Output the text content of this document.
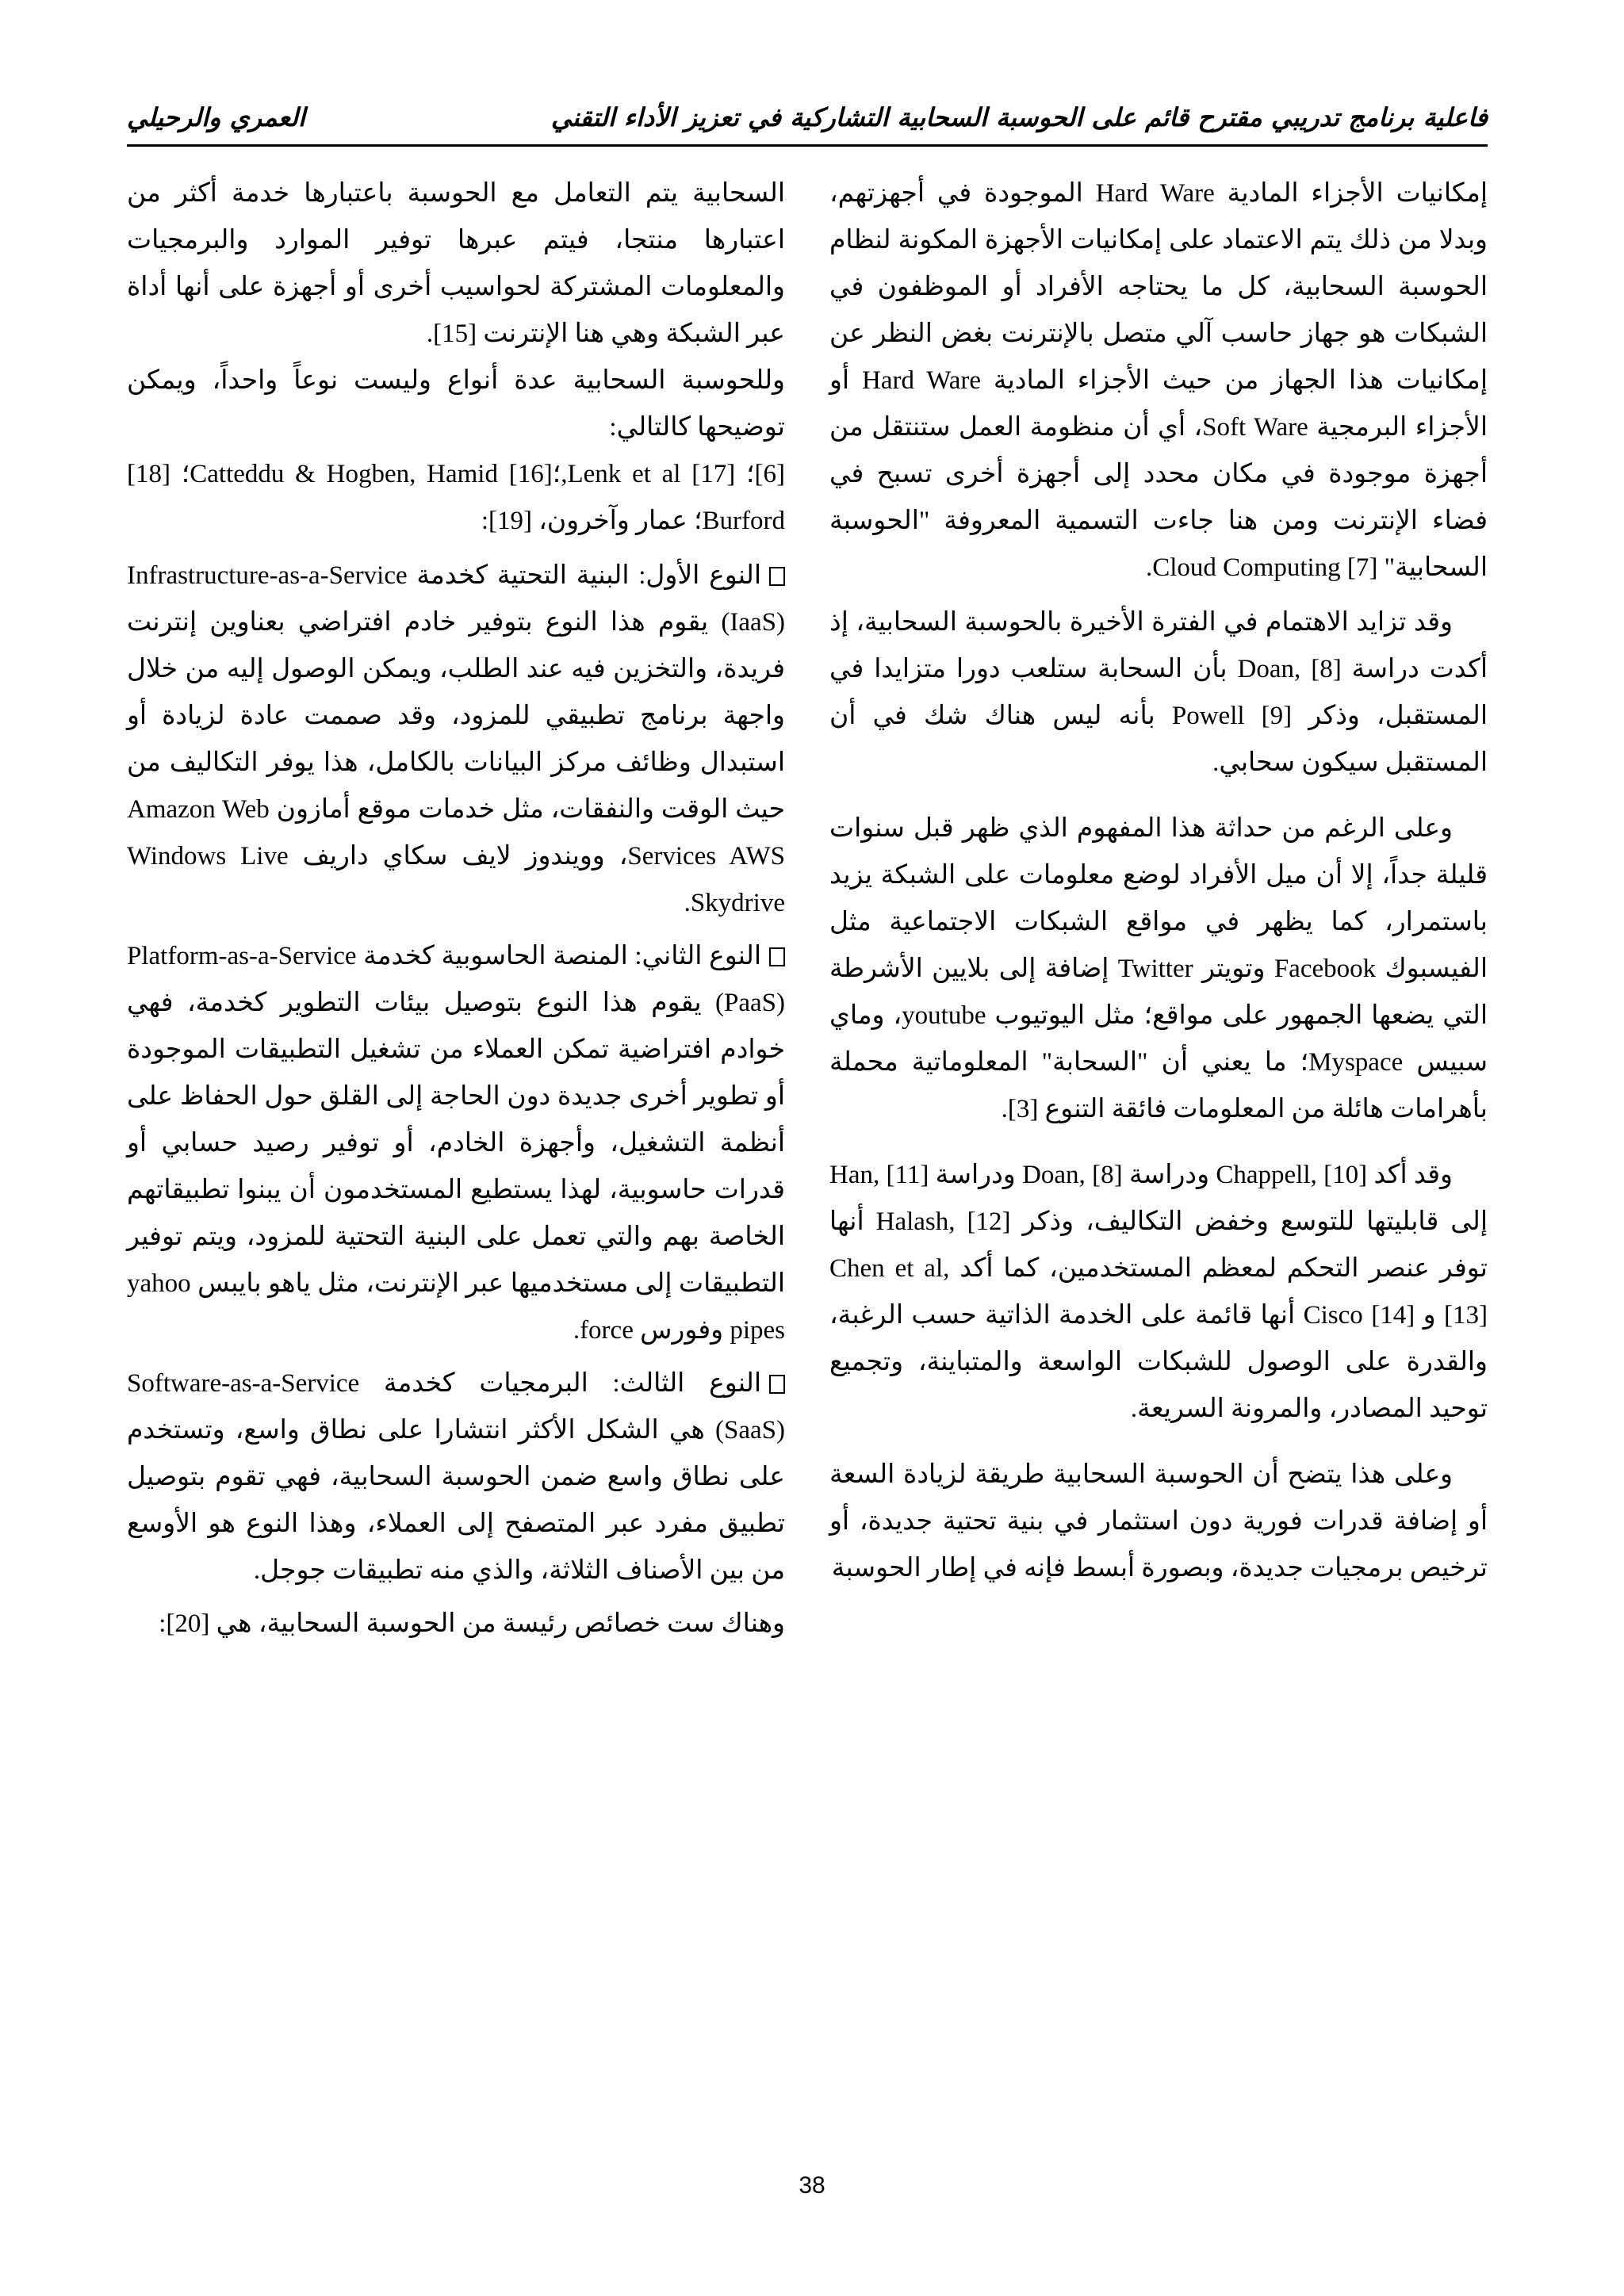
فاعلية برنامج تدريبي مقترح قائم على الحوسبة السحابية التشاركية في تعزيز الأداء التقني
العمري والرحيلي

إمكانيات الأجزاء المادية Hard Ware الموجودة في أجهزتهم، وبدلا من ذلك يتم الاعتماد على إمكانيات الأجهزة المكونة لنظام الحوسبة السحابية، كل ما يحتاجه الأفراد أو الموظفون في الشبكات هو جهاز حاسب آلي متصل بالإنترنت بغض النظر عن إمكانيات هذا الجهاز من حيث الأجزاء المادية Hard Ware أو الأجزاء البرمجية Soft Ware، أي أن منظومة العمل ستنتقل من أجهزة موجودة في مكان محدد إلى أجهزة أخرى تسبح في فضاء الإنترنت ومن هنا جاءت التسمية المعروفة "الحوسبة السحابية" Cloud Computing [7].

وقد تزايد الاهتمام في الفترة الأخيرة بالحوسبة السحابية، إذ أكدت دراسة Doan, [8] بأن السحابة ستلعب دورا متزايدا في المستقبل، وذكر Powell [9] بأنه ليس هناك شك في أن المستقبل سيكون سحابي.

وعلى الرغم من حداثة هذا المفهوم الذي ظهر قبل سنوات قليلة جداً، إلا أن ميل الأفراد لوضع معلومات على الشبكة يزيد باستمرار، كما يظهر في مواقع الشبكات الاجتماعية مثل الفيسبوك Facebook وتويتر Twitter إضافة إلى بلايين الأشرطة التي يضعها الجمهور على مواقع؛ مثل اليوتيوب youtube، وماي سبيس Myspace؛ ما يعني أن "السحابة" المعلوماتية محملة بأهرامات هائلة من المعلومات فائقة التنوع [3].

وقد أكد Chappell, [10] ودراسة Doan, [8] ودراسة Han, [11] إلى قابليتها للتوسع وخفض التكاليف، وذكر Halash, [12] أنها توفر عنصر التحكم لمعظم المستخدمين، كما أكد Chen et al, [13] و Cisco [14] أنها قائمة على الخدمة الذاتية حسب الرغبة، والقدرة على الوصول للشبكات الواسعة والمتباينة، وتجميع توحيد المصادر، والمرونة السريعة.

وعلى هذا يتضح أن الحوسبة السحابية طريقة لزيادة السعة أو إضافة قدرات فورية دون استثمار في بنية تحتية جديدة، أو ترخيص برمجيات جديدة، وبصورة أبسط فإنه في إطار الحوسبة

السحابية يتم التعامل مع الحوسبة باعتبارها خدمة أكثر من اعتبارها منتجا، فيتم عبرها توفير الموارد والبرمجيات والمعلومات المشتركة لحواسيب أخرى أو أجهزة على أنها أداة عبر الشبكة وهي هنا الإنترنت [15].

وللحوسبة السحابية عدة أنواع وليست نوعاً واحداً، ويمكن توضيحها كالتالي:

[6]؛ [17] Lenk et al,؛[16] Catteddu & Hogben, Hamid؛ [18] Burford؛ عمار وآخرون، [19]:

النوع الأول: البنية التحتية كخدمة Infrastructure-as-a-Service (IaaS) يقوم هذا النوع بتوفير خادم افتراضي بعناوين إنترنت فريدة، والتخزين فيه عند الطلب، ويمكن الوصول إليه من خلال واجهة برنامج تطبيقي للمزود، وقد صممت عادة لزيادة أو استبدال وظائف مركز البيانات بالكامل، هذا يوفر التكاليف من حيث الوقت والنفقات، مثل خدمات موقع أمازون Amazon Web Services AWS، وويندوز لايف سكاي داريف Windows Live Skydrive.

النوع الثاني: المنصة الحاسوبية كخدمة Platform-as-a-Service (PaaS) يقوم هذا النوع بتوصيل بيئات التطوير كخدمة، فهي خوادم افتراضية تمكن العملاء من تشغيل التطبيقات الموجودة أو تطوير أخرى جديدة دون الحاجة إلى القلق حول الحفاظ على أنظمة التشغيل، وأجهزة الخادم، أو توفير رصيد حسابي أو قدرات حاسوبية، لهذا يستطيع المستخدمون أن يبنوا تطبيقاتهم الخاصة بهم والتي تعمل على البنية التحتية للمزود، ويتم توفير التطبيقات إلى مستخدميها عبر الإنترنت، مثل ياهو بايبس yahoo pipes وفورس force.

النوع الثالث: البرمجيات كخدمة Software-as-a-Service (SaaS) هي الشكل الأكثر انتشارا على نطاق واسع، وتستخدم على نطاق واسع ضمن الحوسبة السحابية، فهي تقوم بتوصيل تطبيق مفرد عبر المتصفح إلى العملاء، وهذا النوع هو الأوسع من بين الأصناف الثلاثة، والذي منه تطبيقات جوجل.

وهناك ست خصائص رئيسة من الحوسبة السحابية، هي [20]:

38
